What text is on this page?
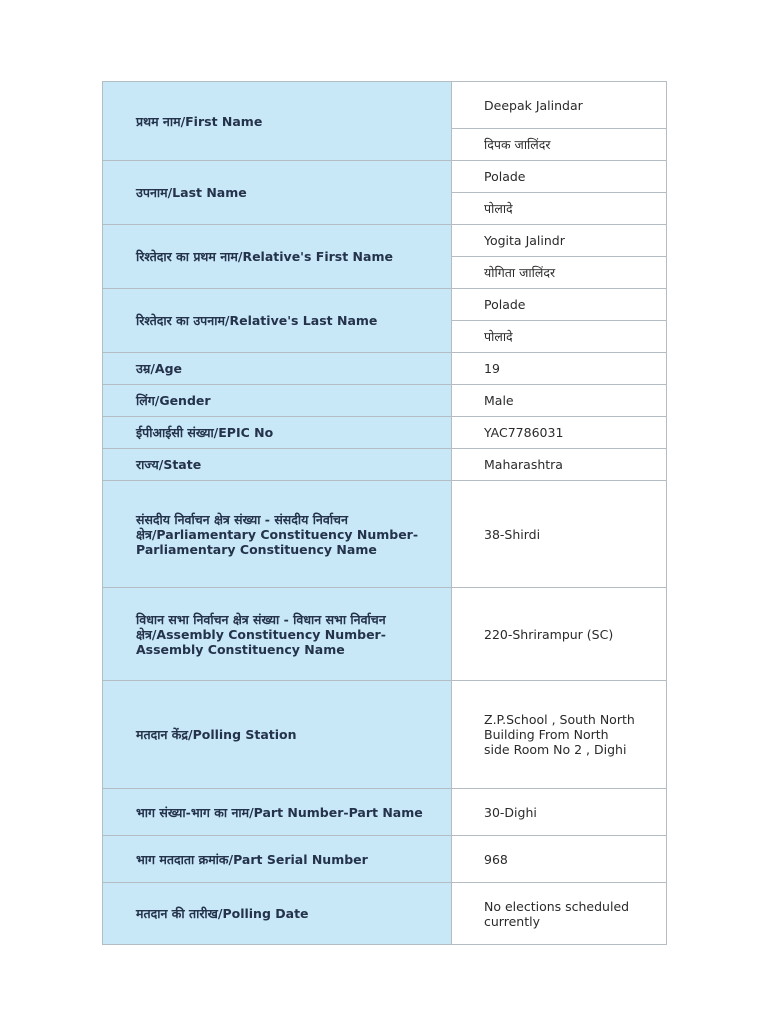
प्रथम नाम/First Name	Deepak Jalindar
	दिपक जालिंदर
उपनाम/Last Name	Polade
	पोलादे
रिश्तेदार का प्रथम नाम/Relative's First Name	Yogita Jalindr
	योगिता जालिंदर
रिश्तेदार का उपनाम/Relative's Last Name	Polade
	पोलादे
उम्र/Age	19
लिंग/Gender	Male
ईपीआईसी संख्या/EPIC No	YAC7786031
राज्य/State	Maharashtra
संसदीय निर्वाचन क्षेत्र संख्या - संसदीय निर्वाचन क्षेत्र/Parliamentary Constituency Number-Parliamentary Constituency Name	38-Shirdi
विधान सभा निर्वाचन क्षेत्र संख्या - विधान सभा निर्वाचन क्षेत्र/Assembly Constituency Number-Assembly Constituency Name	220-Shrirampur (SC)
मतदान केंद्र/Polling Station	Z.P.School , South North Building From North side Room No 2 , Dighi
भाग संख्या-भाग का नाम/Part Number-Part Name	30-Dighi
भाग मतदाता क्रमांक/Part Serial Number	968
मतदान की तारीख/Polling Date	No elections scheduled currently
